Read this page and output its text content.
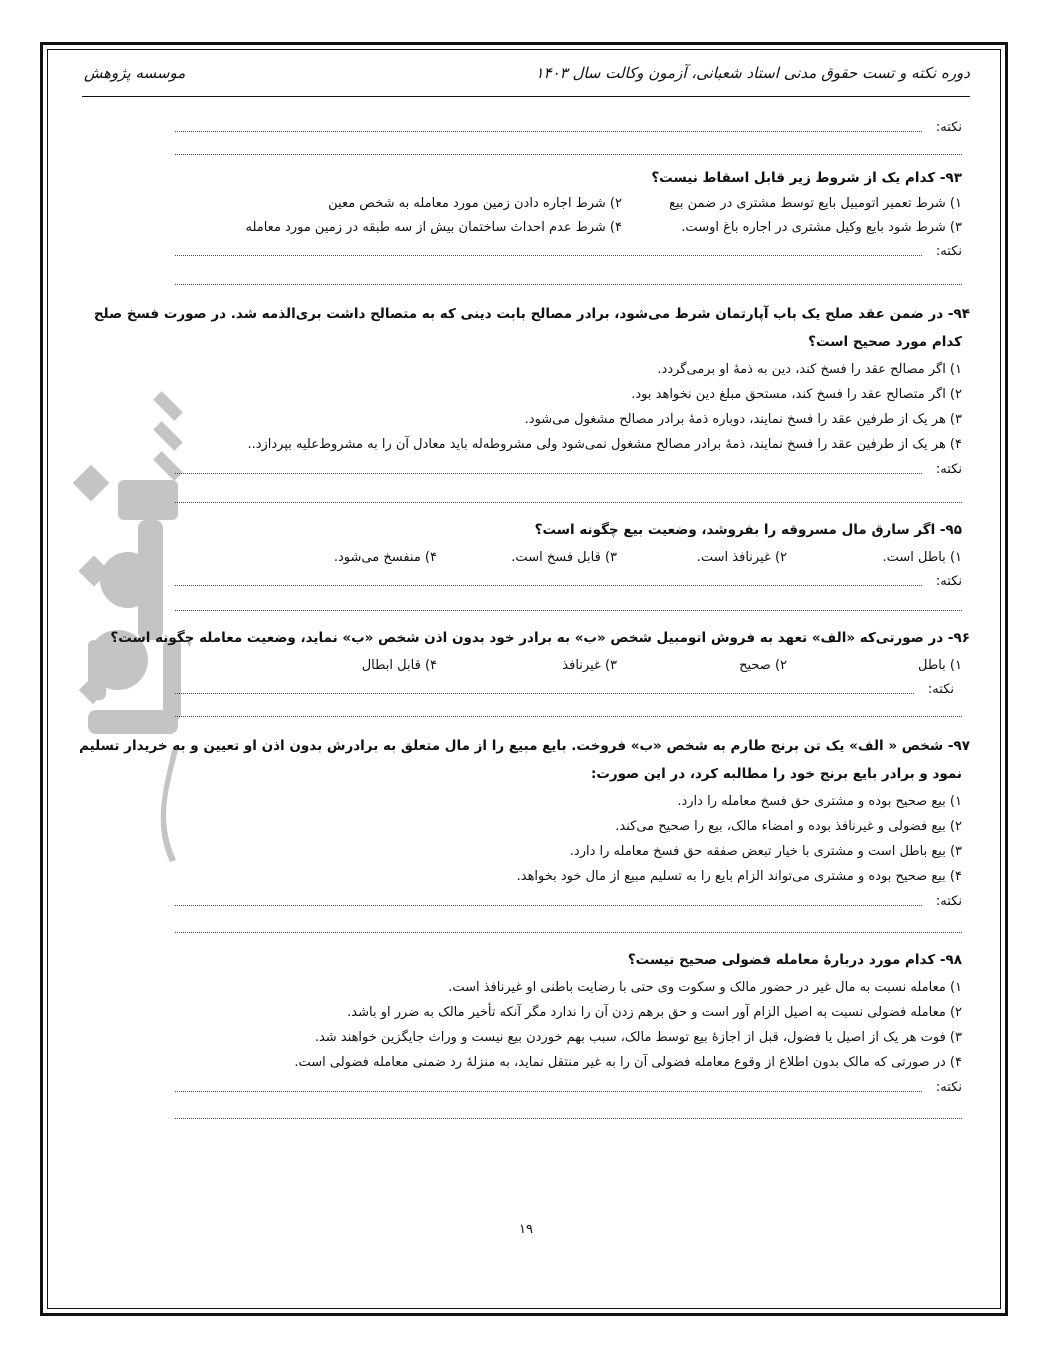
دوره نکته و تست حقوق مدنی استاد شعبانی، آزمون وکالت سال ۱۴۰۳
موسسه پژوهش
نکته:
۹۳- کدام یک از شروط زیر قابل اسقاط نیست؟
۱) شرط تعمیر اتومبیل بایع توسط مشتری در ضمن بیع
۲) شرط اجاره دادن زمین مورد معامله به شخص معین
۳) شرط شود بایع وکیل مشتری در اجاره باغ اوست.
۴) شرط عدم احداث ساختمان بیش از سه طبقه در زمین مورد معامله
نکته:
۹۴- در ضمن عقد صلح یک باب آپارتمان شرط می‌شود، برادر مصالح بابت دینی که به متصالح داشت بری‌الذمه شد. در صورت فسخ صلح
کدام مورد صحیح است؟
۱) اگر مصالح عقد را فسخ کند، دین به ذمهٔ او برمی‌گردد.
۲) اگر متصالح عقد را فسخ کند، مستحق مبلغ دین نخواهد بود.
۳) هر یک از طرفین عقد را فسخ نمایند، دوباره ذمهٔ برادر مصالح مشغول می‌شود.
۴) هر یک از طرفین عقد را فسخ نمایند، ذمهٔ برادر مصالح مشغول نمی‌شود ولی مشروطه‌له باید معادل آن را به مشروط‌علیه بپردازد..
نکته:
۹۵- اگر سارق مال مسروقه را بفروشد، وضعیت بیع چگونه است؟
۱) باطل است.
۲) غیرنافذ است.
۳) قابل فسخ است.
۴) منفسخ می‌شود.
نکته:
۹۶- در صورتی‌که «الف» تعهد به فروش اتومبیل شخص «ب» به برادر خود بدون اذن شخص «ب» نماید، وضعیت معامله چگونه است؟
۱) باطل
۲) صحیح
۳) غیرنافذ
۴) قابل ابطال
نکته:
۹۷- شخص « الف» یک تن برنج طارم به شخص «ب» فروخت. بایع مبیع را از مال متعلق به برادرش بدون اذن او تعیین و به خریدار تسلیم
نمود و برادر بایع برنج خود را مطالبه کرد، در این صورت:
۱) بیع صحیح بوده و مشتری حق فسخ معامله را دارد.
۲) بیع فضولی و غیرنافذ بوده و امضاء مالک، بیع را صحیح می‌کند.
۳) بیع باطل است و مشتری با خیار تبعض صفقه حق فسخ معامله را دارد.
۴) بیع صحیح بوده و مشتری می‌تواند الزام بایع را به تسلیم مبیع از مال خود بخواهد.
نکته:
۹۸- کدام مورد دربارهٔ معامله فضولی صحیح نیست؟
۱) معامله نسبت به مال غیر در حضور مالک و سکوت وی حتی با رضایت باطنی او غیرنافذ است.
۲) معامله فضولی نسبت به اصیل الزام آور است و حق برهم زدن آن را ندارد مگر آنکه تأخیر مالک به ضرر او باشد.
۳) فوت هر یک از اصیل یا فضول، قبل از اجازهٔ بیع توسط مالک، سبب بهم خوردن بیع نیست و وراث جایگزین خواهند شد.
۴) در صورتی که مالک بدون اطلاع از وقوع معامله فضولی آن را به غیر منتقل نماید، به منزلهٔ رد ضمنی معامله فضولی است.
نکته:
۱۹
